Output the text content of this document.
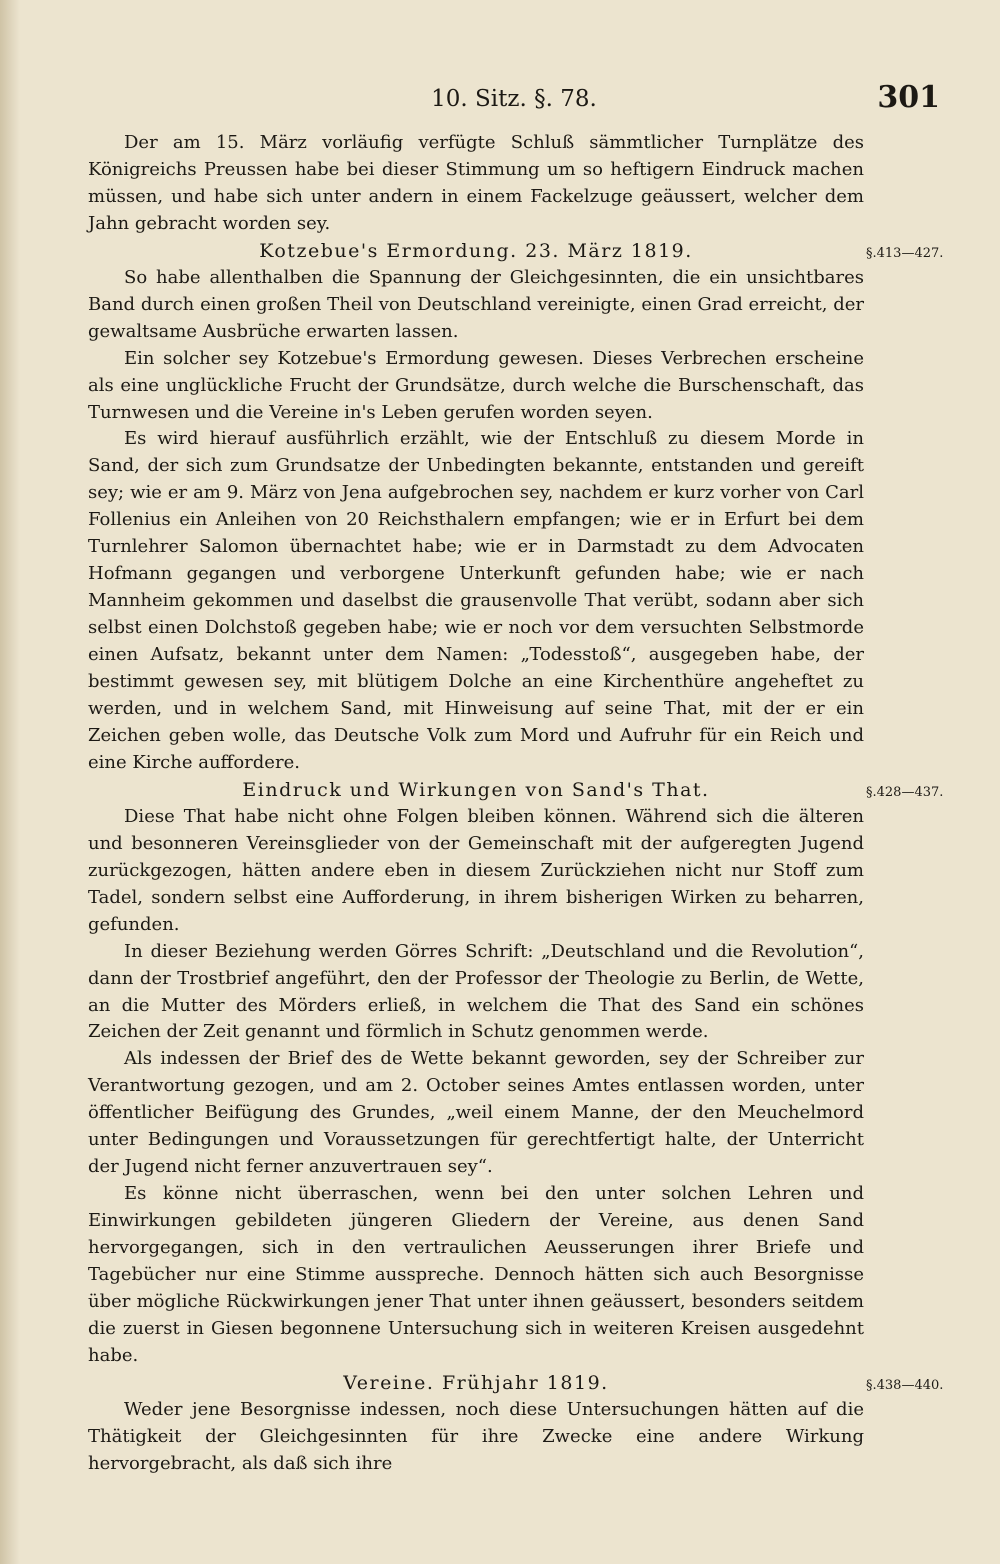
10. Sitz. §. 78.	301

Der am 15. März vorläufig verfügte Schluß sämmtlicher Turnplätze des Königreichs Preussen habe bei dieser Stimmung um so heftigern Eindruck machen müssen, und habe sich unter andern in einem Fackelzuge geäussert, welcher dem Jahn gebracht worden sey.

Kotzebue's Ermordung. 23. März 1819.	§.413—427.

So habe allenthalben die Spannung der Gleichgesinnten, die ein unsichtbares Band durch einen großen Theil von Deutschland vereinigte, einen Grad erreicht, der gewaltsame Ausbrüche erwarten lassen.

Ein solcher sey Kotzebue's Ermordung gewesen. Dieses Verbrechen erscheine als eine unglückliche Frucht der Grundsätze, durch welche die Burschenschaft, das Turnwesen und die Vereine in's Leben gerufen worden seyen.

Es wird hierauf ausführlich erzählt, wie der Entschluß zu diesem Morde in Sand, der sich zum Grundsatze der Unbedingten bekannte, entstanden und gereift sey; wie er am 9. März von Jena aufgebrochen sey, nachdem er kurz vorher von Carl Follenius ein Anleihen von 20 Reichsthalern empfangen; wie er in Erfurt bei dem Turnlehrer Salomon übernachtet habe; wie er in Darmstadt zu dem Advocaten Hofmann gegangen und verborgene Unterkunft gefunden habe; wie er nach Mannheim gekommen und daselbst die grausenvolle That verübt, sodann aber sich selbst einen Dolchstoß gegeben habe; wie er noch vor dem versuchten Selbstmorde einen Aufsatz, bekannt unter dem Namen: „Todesstoß“, ausgegeben habe, der bestimmt gewesen sey, mit blütigem Dolche an eine Kirchenthüre angeheftet zu werden, und in welchem Sand, mit Hinweisung auf seine That, mit der er ein Zeichen geben wolle, das Deutsche Volk zum Mord und Aufruhr für ein Reich und eine Kirche auffordere.

Eindruck und Wirkungen von Sand's That.	§.428—437.

Diese That habe nicht ohne Folgen bleiben können. Während sich die älteren und besonneren Vereinsglieder von der Gemeinschaft mit der aufgeregten Jugend zurückgezogen, hätten andere eben in diesem Zurückziehen nicht nur Stoff zum Tadel, sondern selbst eine Aufforderung, in ihrem bisherigen Wirken zu beharren, gefunden.

In dieser Beziehung werden Görres Schrift: „Deutschland und die Revolution“, dann der Trostbrief angeführt, den der Professor der Theologie zu Berlin, de Wette, an die Mutter des Mörders erließ, in welchem die That des Sand ein schönes Zeichen der Zeit genannt und förmlich in Schutz genommen werde.

Als indessen der Brief des de Wette bekannt geworden, sey der Schreiber zur Verantwortung gezogen, und am 2. October seines Amtes entlassen worden, unter öffentlicher Beifügung des Grundes, „weil einem Manne, der den Meuchelmord unter Bedingungen und Voraussetzungen für gerechtfertigt halte, der Unterricht der Jugend nicht ferner anzuvertrauen sey“.

Es könne nicht überraschen, wenn bei den unter solchen Lehren und Einwirkungen gebildeten jüngeren Gliedern der Vereine, aus denen Sand hervorgegangen, sich in den vertraulichen Aeusserungen ihrer Briefe und Tagebücher nur eine Stimme ausspreche. Dennoch hätten sich auch Besorgnisse über mögliche Rückwirkungen jener That unter ihnen geäussert, besonders seitdem die zuerst in Giesen begonnene Untersuchung sich in weiteren Kreisen ausgedehnt habe.

Vereine. Frühjahr 1819.	§.438—440.

Weder jene Besorgnisse indessen, noch diese Untersuchungen hätten auf die Thätigkeit der Gleichgesinnten für ihre Zwecke eine andere Wirkung hervorgebracht, als daß sich ihre
